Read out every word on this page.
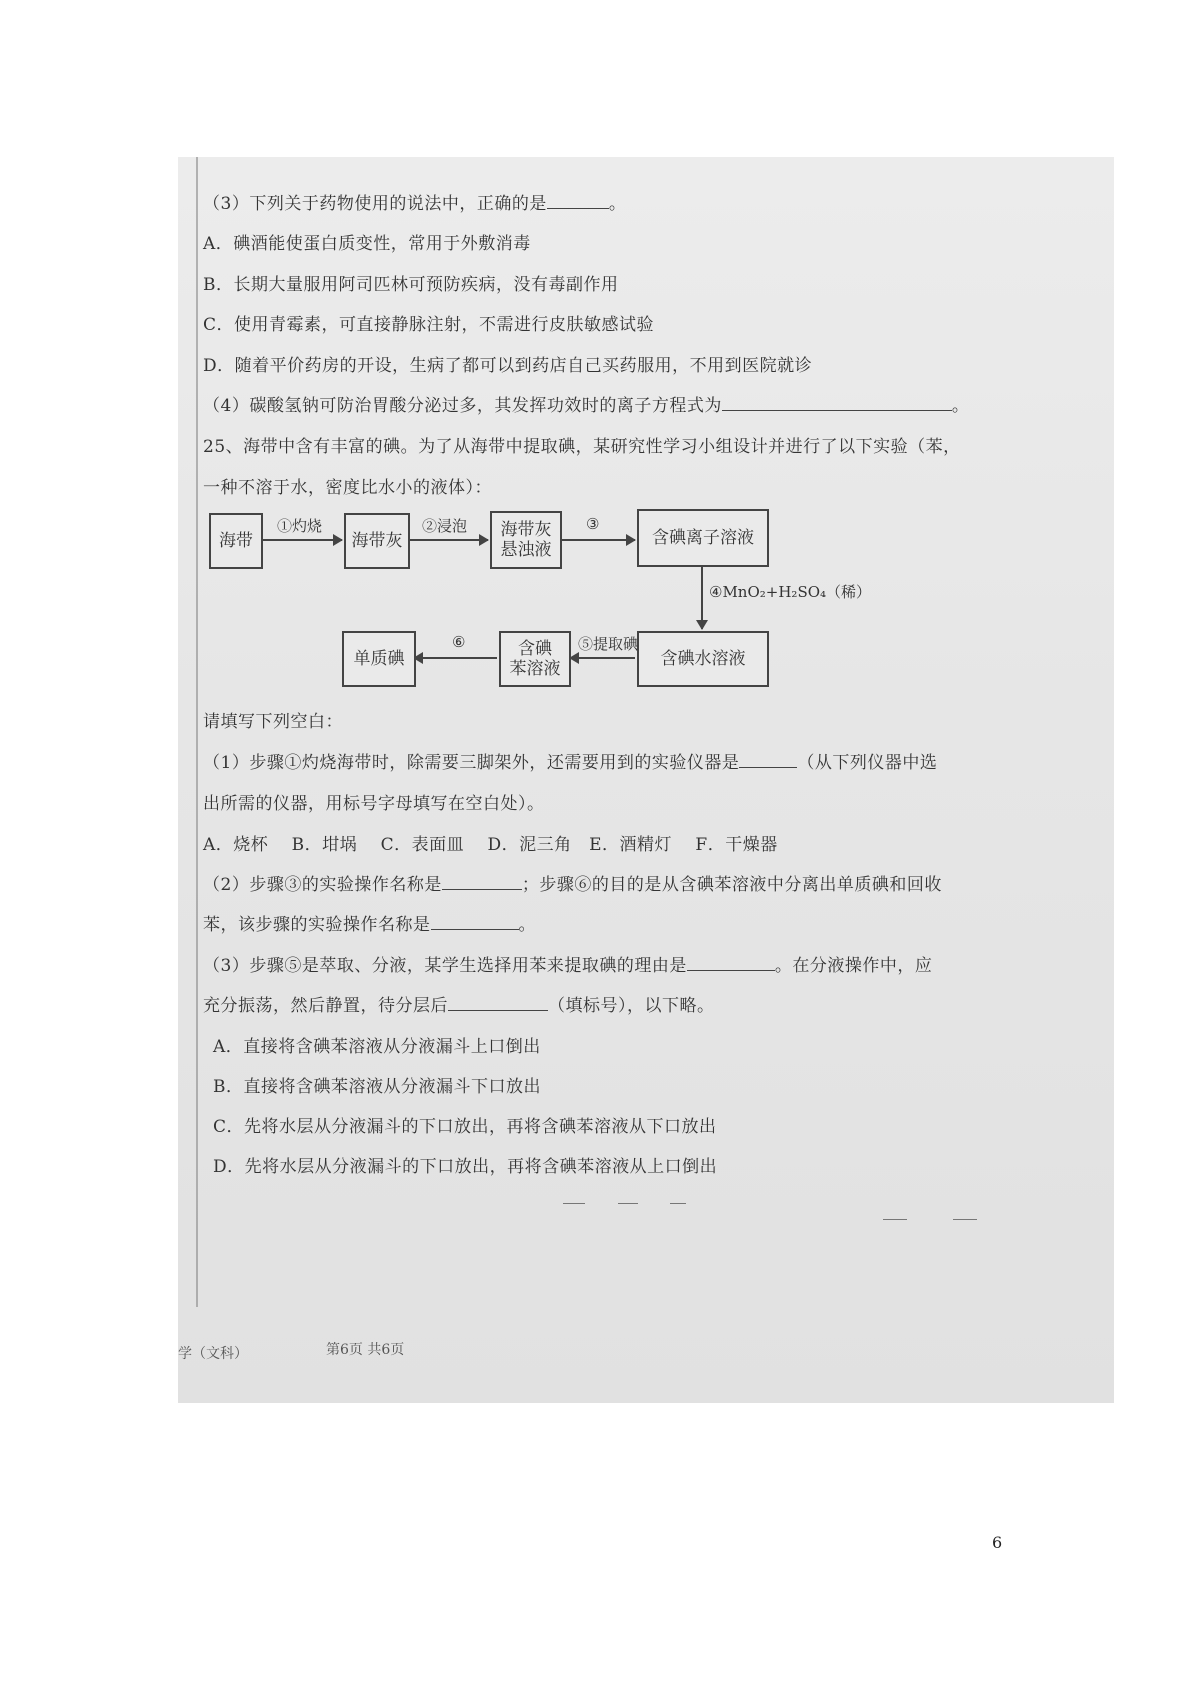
（3）下列关于药物使用的说法中，正确的是	。
A．碘酒能使蛋白质变性，常用于外敷消毒
B．长期大量服用阿司匹林可预防疾病，没有毒副作用
C．使用青霉素，可直接静脉注射，不需进行皮肤敏感试验
D．随着平价药房的开设，生病了都可以到药店自己买药服用，不用到医院就诊
（4）碳酸氢钠可防治胃酸分泌过多，其发挥功效时的离子方程式为	。
25、海带中含有丰富的碘。为了从海带中提取碘，某研究性学习小组设计并进行了以下实验（苯，
一种不溶于水，密度比水小的液体）：
海带
①灼烧
海带灰
②浸泡 海带灰
悬浊液
③
含碘离子溶液
④MnO₂+H₂SO₄（稀）
含碘水溶液
⑤提取碘
含碘
苯溶液
⑥
单质碘
请填写下列空白：
（1）步骤①灼烧海带时，除需要三脚架外，还需要用到的实验仪器是	（从下列仪器中选
出所需的仪器，用标号字母填写在空白处）。
A．烧杯　 B．坩埚　 C．表面皿　 D．泥三角　E．酒精灯　 F．干燥器
（2）步骤③的实验操作名称是	；步骤⑥的目的是从含碘苯溶液中分离出单质碘和回收
苯，该步骤的实验操作名称是	。
（3）步骤⑤是萃取、分液，某学生选择用苯来提取碘的理由是	。在分液操作中，应
充分振荡，然后静置，待分层后	（填标号），以下略。
A．直接将含碘苯溶液从分液漏斗上口倒出
B．直接将含碘苯溶液从分液漏斗下口放出
C．先将水层从分液漏斗的下口放出，再将含碘苯溶液从下口放出
D．先将水层从分液漏斗的下口放出，再将含碘苯溶液从上口倒出
学（文科）	第6页 共6页
6
